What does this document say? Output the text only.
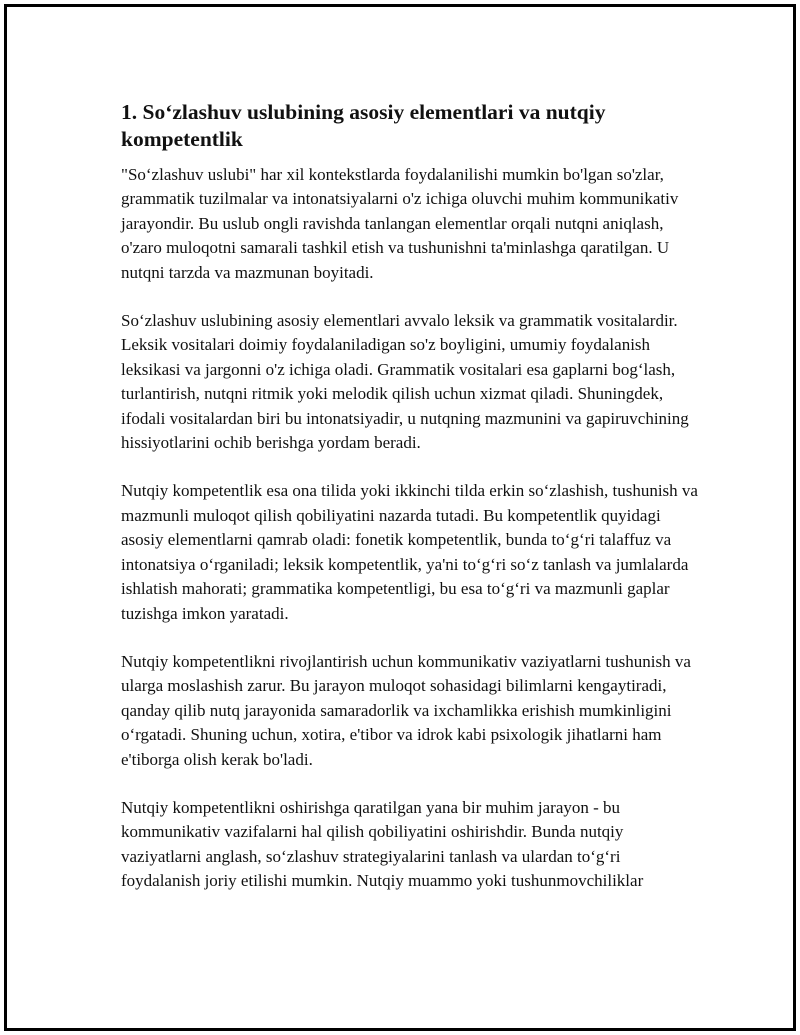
1. So‘zlashuv uslubining asosiy elementlari va nutqiy kompetentlik

"So‘zlashuv uslubi" har xil kontekstlarda foydalanilishi mumkin bo'lgan so'zlar, grammatik tuzilmalar va intonatsiyalarni o'z ichiga oluvchi muhim kommunikativ jarayondir. Bu uslub ongli ravishda tanlangan elementlar orqali nutqni aniqlash, o'zaro muloqotni samarali tashkil etish va tushunishni ta'minlashga qaratilgan. U nutqni tarzda va mazmunan boyitadi.

So‘zlashuv uslubining asosiy elementlari avvalo leksik va grammatik vositalardir. Leksik vositalari doimiy foydalaniladigan so'z boyligini, umumiy foydalanish leksikasi va jargonni o'z ichiga oladi. Grammatik vositalari esa gaplarni bog‘lash, turlantirish, nutqni ritmik yoki melodik qilish uchun xizmat qiladi. Shuningdek, ifodali vositalardan biri bu intonatsiyadir, u nutqning mazmunini va gapiruvchining hissiyotlarini ochib berishga yordam beradi.

Nutqiy kompetentlik esa ona tilida yoki ikkinchi tilda erkin so‘zlashish, tushunish va mazmunli muloqot qilish qobiliyatini nazarda tutadi. Bu kompetentlik quyidagi asosiy elementlarni qamrab oladi: fonetik kompetentlik, bunda to‘g‘ri talaffuz va intonatsiya o‘rganiladi; leksik kompetentlik, ya'ni to‘g‘ri so‘z tanlash va jumlalarda ishlatish mahorati; grammatika kompetentligi, bu esa to‘g‘ri va mazmunli gaplar tuzishga imkon yaratadi.

Nutqiy kompetentlikni rivojlantirish uchun kommunikativ vaziyatlarni tushunish va ularga moslashish zarur. Bu jarayon muloqot sohasidagi bilimlarni kengaytiradi, qanday qilib nutq jarayonida samaradorlik va ixchamlikka erishish mumkinligini o‘rgatadi. Shuning uchun, xotira, e'tibor va idrok kabi psixologik jihatlarni ham e'tiborga olish kerak bo'ladi.

Nutqiy kompetentlikni oshirishga qaratilgan yana bir muhim jarayon - bu kommunikativ vazifalarni hal qilish qobiliyatini oshirishdir. Bunda nutqiy vaziyatlarni anglash, so‘zlashuv strategiyalarini tanlash va ulardan to‘g‘ri foydalanish joriy etilishi mumkin. Nutqiy muammo yoki tushunmovchiliklar
